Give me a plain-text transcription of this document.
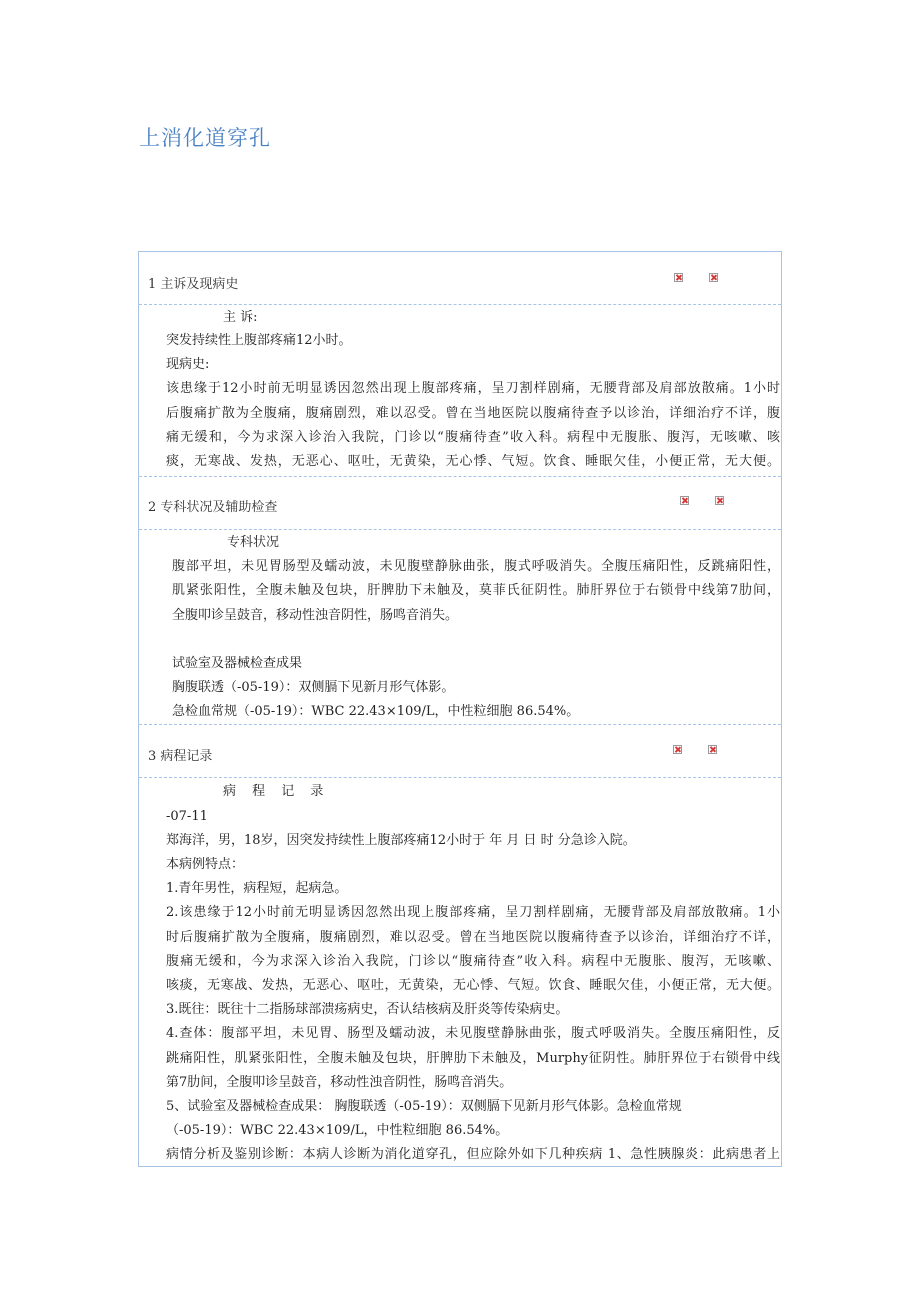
上消化道穿孔
1 主诉及现病史
主 诉:
突发持续性上腹部疼痛12小时。
现病史:
该患缘于12小时前无明显诱因忽然出现上腹部疼痛，呈刀割样剧痛，无腰背部及肩部放散痛。1小时
后腹痛扩散为全腹痛，腹痛剧烈，难以忍受。曾在当地医院以腹痛待查予以诊治，详细治疗不详，腹
痛无缓和，今为求深入诊治入我院，门诊以“腹痛待查”收入科。病程中无腹胀、腹泻，无咳嗽、咳
痰，无寒战、发热，无恶心、呕吐，无黄染，无心悸、气短。饮食、睡眠欠佳，小便正常，无大便。
2 专科状况及辅助检查
专科状况
腹部平坦，未见胃肠型及蠕动波，未见腹壁静脉曲张，腹式呼吸消失。全腹压痛阳性，反跳痛阳性，
肌紧张阳性，全腹未触及包块，肝脾肋下未触及，莫菲氏征阴性。肺肝界位于右锁骨中线第7肋间，
全腹叩诊呈鼓音，移动性浊音阴性，肠鸣音消失。
试验室及器械检查成果
胸腹联透（-05-19）：双侧膈下见新月形气体影。
急检血常规（-05-19）：WBC 22.43×109/L，中性粒细胞 86.54%。
3 病程记录
病 程 记 录
-07-11
郑海洋，男，18岁，因突发持续性上腹部疼痛12小时于 年 月 日 时 分急诊入院。
本病例特点：
1.青年男性，病程短，起病急。
2.该患缘于12小时前无明显诱因忽然出现上腹部疼痛，呈刀割样剧痛，无腰背部及肩部放散痛。1小
时后腹痛扩散为全腹痛，腹痛剧烈，难以忍受。曾在当地医院以腹痛待查予以诊治，详细治疗不详，
腹痛无缓和，今为求深入诊治入我院，门诊以“腹痛待查”收入科。病程中无腹胀、腹泻，无咳嗽、
咳痰，无寒战、发热，无恶心、呕吐，无黄染，无心悸、气短。饮食、睡眠欠佳，小便正常，无大便。
3.既往：既往十二指肠球部溃疡病史，否认结核病及肝炎等传染病史。
4.查体：腹部平坦，未见胃、肠型及蠕动波，未见腹壁静脉曲张，腹式呼吸消失。全腹压痛阳性，反
跳痛阳性，肌紧张阳性，全腹未触及包块，肝脾肋下未触及，Murphy征阴性。肺肝界位于右锁骨中线
第7肋间，全腹叩诊呈鼓音，移动性浊音阴性，肠鸣音消失。
5、试验室及器械检查成果： 胸腹联透（-05-19）：双侧膈下见新月形气体影。急检血常规
（-05-19）：WBC 22.43×109/L，中性粒细胞 86.54%。
病情分析及鉴别诊断：本病人诊断为消化道穿孔，但应除外如下几种疾病 1、急性胰腺炎：此病患者上
